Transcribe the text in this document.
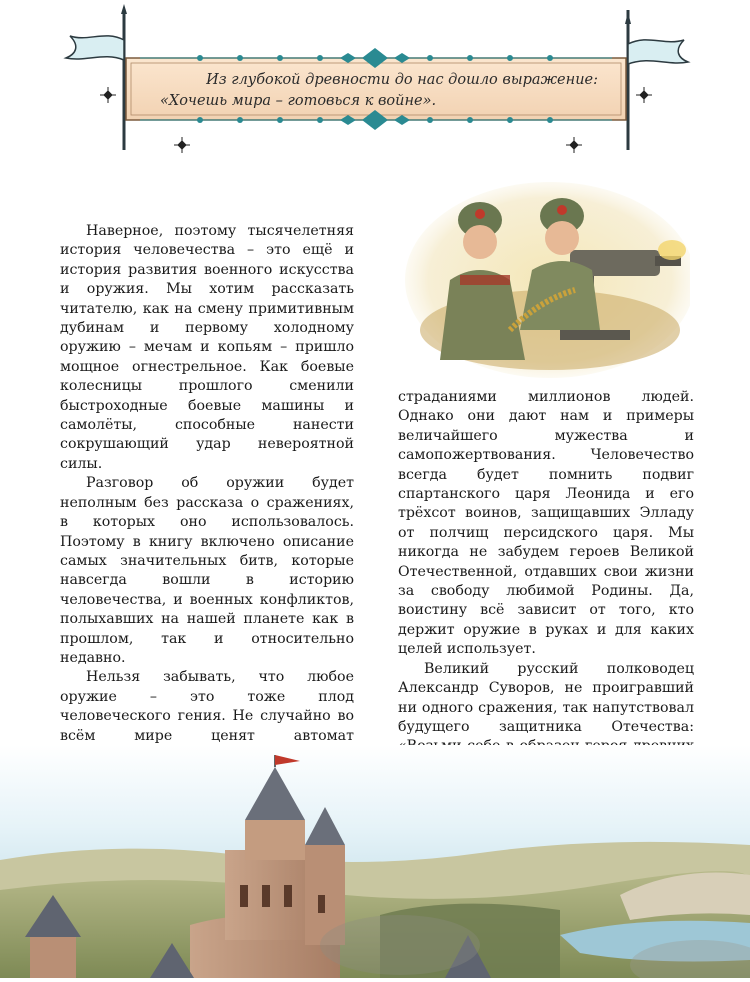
Из глубокой древности до нас дошло выражение:
«Хочешь мира – готовься к войне».

Наверное, поэтому тысячелетняя история человечества – это ещё и история развития военного искусства и оружия. Мы хотим рассказать читателю, как на смену примитивным дубинам и первому холодному оружию – мечам и копьям – пришло мощное огнестрельное. Как боевые колесницы прошлого сменили быстроходные боевые машины и самолёты, способные нанести сокрушающий удар невероятной силы.

Разговор об оружии будет неполным без рассказа о сражениях, в которых оно использовалось. Поэтому в книгу включено описание самых значительных битв, которые навсегда вошли в историю человечества, и военных конфликтов, полыхавших на нашей планете как в прошлом, так и относительно недавно.

Нельзя забывать, что любое оружие – это тоже плод человеческого гения. Не случайно во всём мире ценят автомат

страданиями миллионов людей. Однако они дают нам и примеры величайшего мужества и самопожертвования. Человечество всегда будет помнить подвиг спартанского царя Леонида и его трёхсот воинов, защищавших Элладу от полчищ персидского царя. Мы никогда не забудем героев Великой Отечественной, отдавших свои жизни за свободу любимой Родины. Да, воистину всё зависит от того, кто держит оружие в руках и для каких целей использует.

Великий русский полководец Александр Суворов, не проигравший ни одного сражения, так напутствовал будущего защитника Отечества:
